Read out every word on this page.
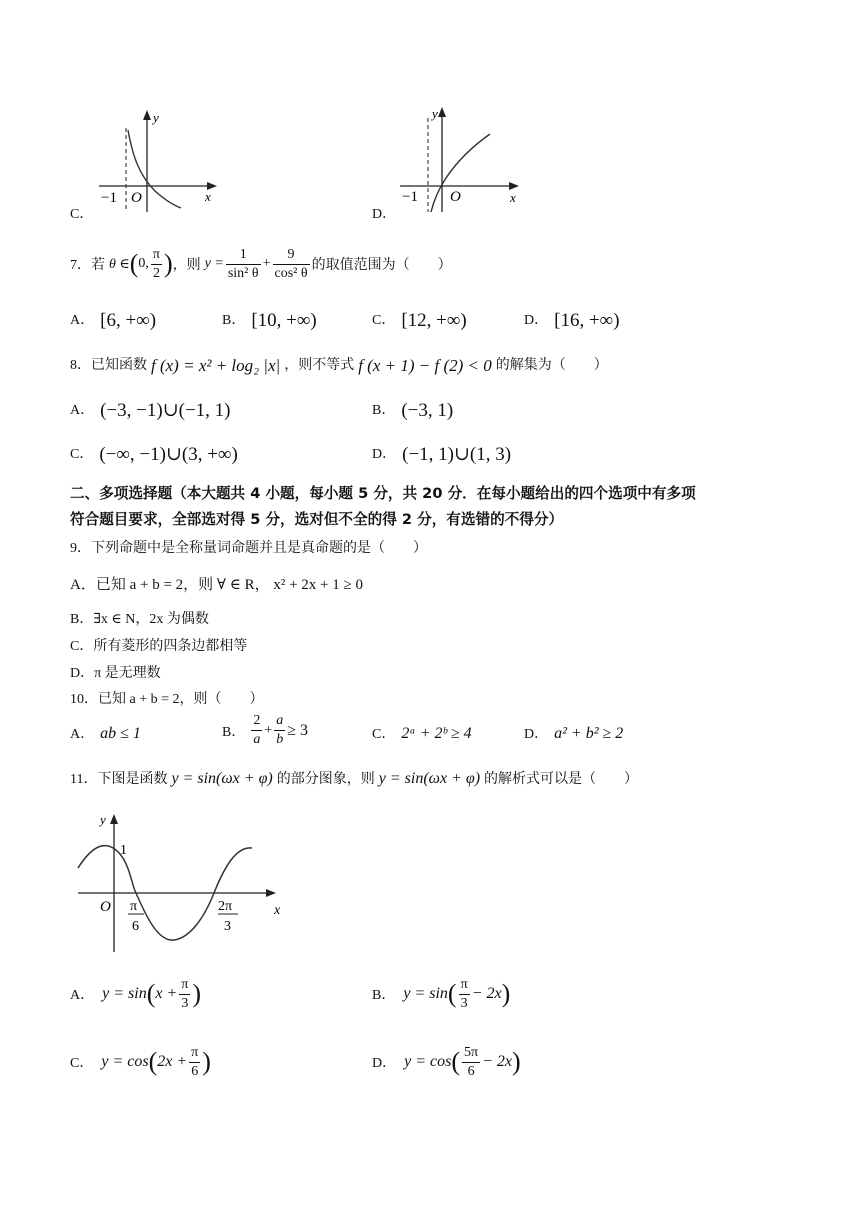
y
x
O
−1
C．
y
x
O
−1
D．
7．若 θ ∈ ( 0, $\frac{\pi}{2}$ ) ，则 $y = \frac{1}{\text{sin² θ}} + \frac{9}{\text{cos² θ}}$ 的取值范围为（　　）
A． [6, +∞)	B． [10, +∞)	C． [12, +∞)	D． [16, +∞)
8．已知函数 f (x) = x² + log₂ |x| ，则不等式 f (x + 1) − f (2) < 0 的解集为（　　）
A． (−3, −1)∪(−1, 1)	B． (−3, 1)
C． (−∞, −1)∪(3, +∞)	D． (−1, 1)∪(1, 3)
二、多项选择题（本大题共 4 小题，每小题 5 分，共 20 分．在每小题给出的四个选项中有多项
符合题目要求，全部选对得 5 分，选对但不全的得 2 分，有选错的不得分）
9．下列命题中是全称量词命题并且是真命题的是（　　）
A．已知 a + b = 2，则 ∀ ∈ R， x² + 2x + 1 ≥ 0
B．∃x ∈ N，2x 为偶数
C．所有菱形的四条边都相等
D．π 是无理数
10．已知 a + b = 2，则（　　）
A． ab ≤ 1	B． $\frac{2}{a} + \frac{a}{b} \ge 3$	C． 2ᵃ + 2ᵇ ≥ 4	D． a² + b² ≥ 2
11．下图是函数 y = sin(ωx + φ) 的部分图象，则 y = sin(ωx + φ) 的解析式可以是（　　）
y
1
x
O π
6
2π
3
A． y = sin ( $x + \frac{\pi}{3}$ )	B． y = sin ( $\frac{\pi}{3} - 2x$ )
C． y = cos ( $2x + \frac{\pi}{6}$ )	D． y = cos ( $\frac{5\pi}{6} - 2x$ )
